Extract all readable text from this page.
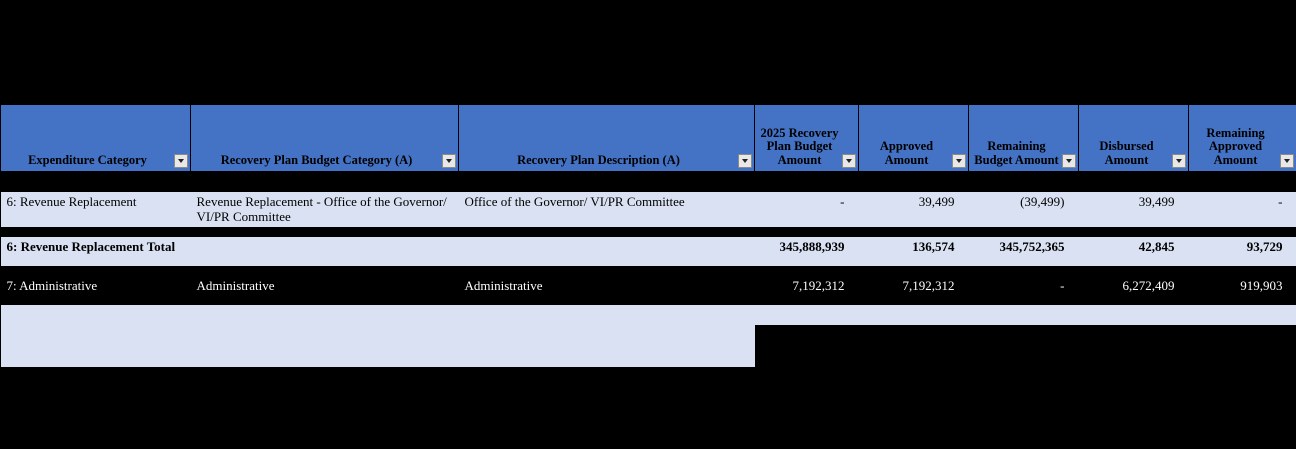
Expenditure Category	Recovery Plan Budget Category (A)	Recovery Plan Description (A)	2025 Recovery Plan Budget Amount	Approved Amount	Remaining Budget Amount	Disbursed Amount	Remaining Approved Amount

6: Revenue Replacement	Revenue Replacement - Office of the Governor/ VI/PR Committee	Office of the Governor/ VI/PR Committee	-	39,499	(39,499)	39,499	-

6: Revenue Replacement Total			345,888,939	136,574	345,752,365	42,845	93,729

7: Administrative	Administrative	Administrative	7,192,312	7,192,312	-	6,272,409	919,903
